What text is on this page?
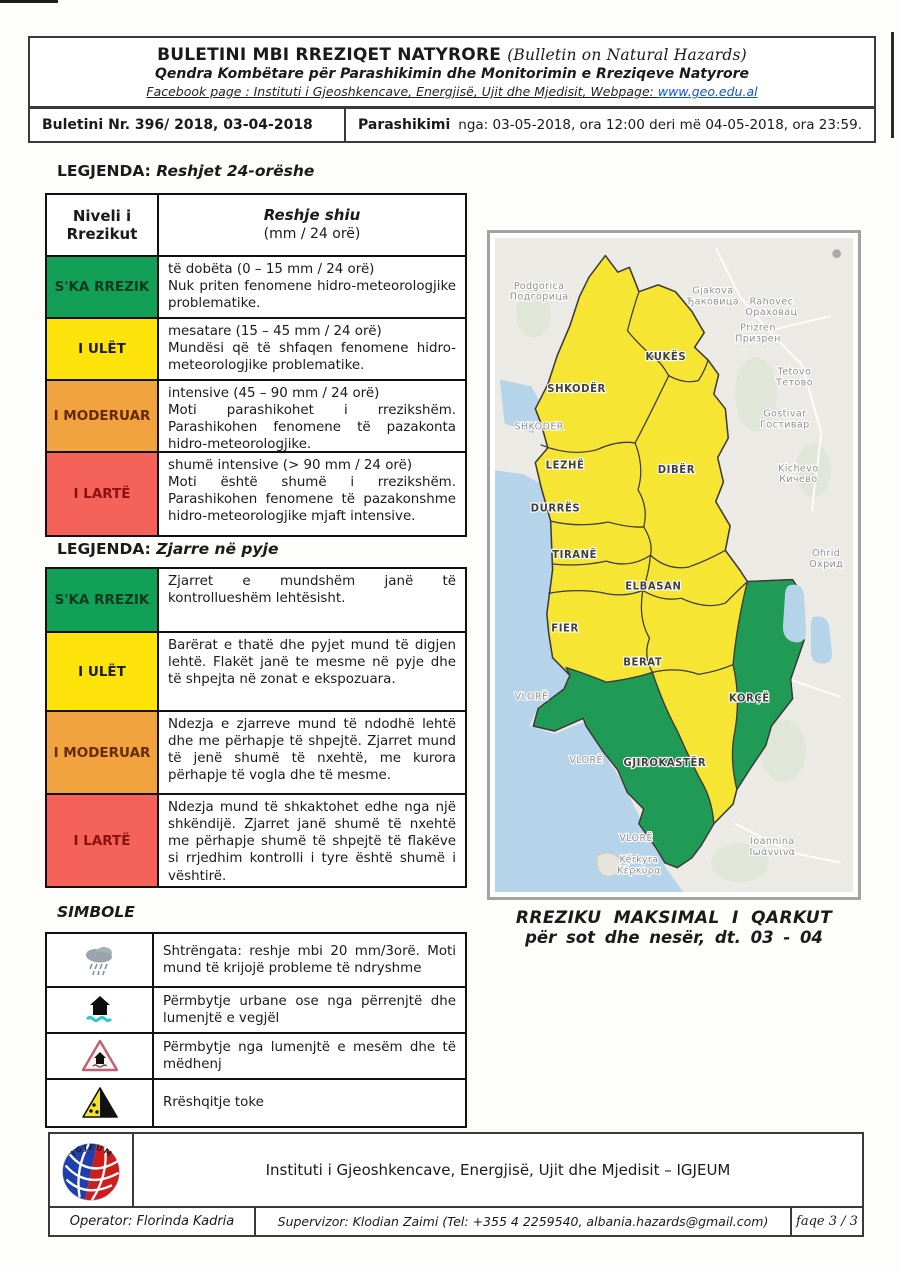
BULETINI MBI RREZIQET NATYRORE (Bulletin on Natural Hazards)
Qendra Kombëtare për Parashikimin dhe Monitorimin e Rreziqeve Natyrore
Facebook page : Instituti i Gjeoshkencave, Energjisë, Ujit dhe Mjedisit, Webpage: www.geo.edu.al
Buletini Nr. 396/ 2018, 03-04-2018	Parashikimi nga: 03-05-2018, ora 12:00 deri më 04-05-2018, ora 23:59.
LEGJENDA: Reshjet 24-orëshe
Niveli i
Rrezikut
Reshje shiu
(mm / 24 orë)
S'KA RREZIK
të dobëta (0 – 15 mm / 24 orë)
Nuk priten fenomene hidro-meteorologjike problematike.
I ULËT
mesatare (15 – 45 mm / 24 orë)
Mundësi që të shfaqen fenomene hidro-meteorologjike problematike.
I MODERUAR
intensive (45 – 90 mm / 24 orë)
Moti parashikohet i rrezikshëm. Parashikohen fenomene të pazakonta hidro-meteorologjike.
I LARTË
shumë intensive (> 90 mm / 24 orë)
Moti është shumë i rrezikshëm. Parashikohen fenomene të pazakonshme hidro-meteorologjike mjaft intensive.
LEGJENDA: Zjarre në pyje
S'KA RREZIK
Zjarret e mundshëm janë të kontrollueshëm lehtësisht.
I ULËT
Barërat e thatë dhe pyjet mund të digjen lehtë. Flakët janë te mesme në pyje dhe të shpejta në zonat e ekspozuara.
I MODERUAR
Ndezja e zjarreve mund të ndodhë lehtë dhe me përhapje të shpejtë. Zjarret mund të jenë shumë të nxehtë, me kurora përhapje të vogla dhe të mesme.
I LARTË
Ndezja mund të shkaktohet edhe nga një shkëndijë. Zjarret janë shumë të nxehtë me përhapje shumë të shpejtë të flakëve si rrjedhim kontrolli i tyre është shumë i vështirë.
SIMBOLE
Shtrëngata: reshje mbi 20 mm/3orë. Moti mund të krijojë probleme të ndryshme
Përmbytje urbane ose nga përrenjtë dhe lumenjtë e vegjël
Përmbytje nga lumenjtë e mesëm dhe të mëdhenj
Rrëshqitje toke
KUKËS
SHKODËR
SHKODER
LEZHË	DIBËR
DURRËS
TIRANË
ELBASAN
FIER
BERAT
VLORË	KORÇË
VLORË GJIROKASTËR
VLORË
Podgorica Подгорица
Gjakova Ђаковица	Rahovec Ораховац
Prizren Призрен
Tetovo Тетово
Gostivar Гостивар
Kichevo Кичево
Ohrid Охрид
Ioannina Ιωάννινα
Kérkyra Κέρκυρα
RREZIKU MAKSIMAL I QARKUT
për sot dhe nesër, dt. 03 - 04
IGJEUM
Instituti i Gjeoshkencave, Energjisë, Ujit dhe Mjedisit – IGJEUM
Operator: Florinda Kadria	Supervizor: Klodian Zaimi (Tel: +355 4 2259540, albania.hazards@gmail.com)	faqe 3 / 3
